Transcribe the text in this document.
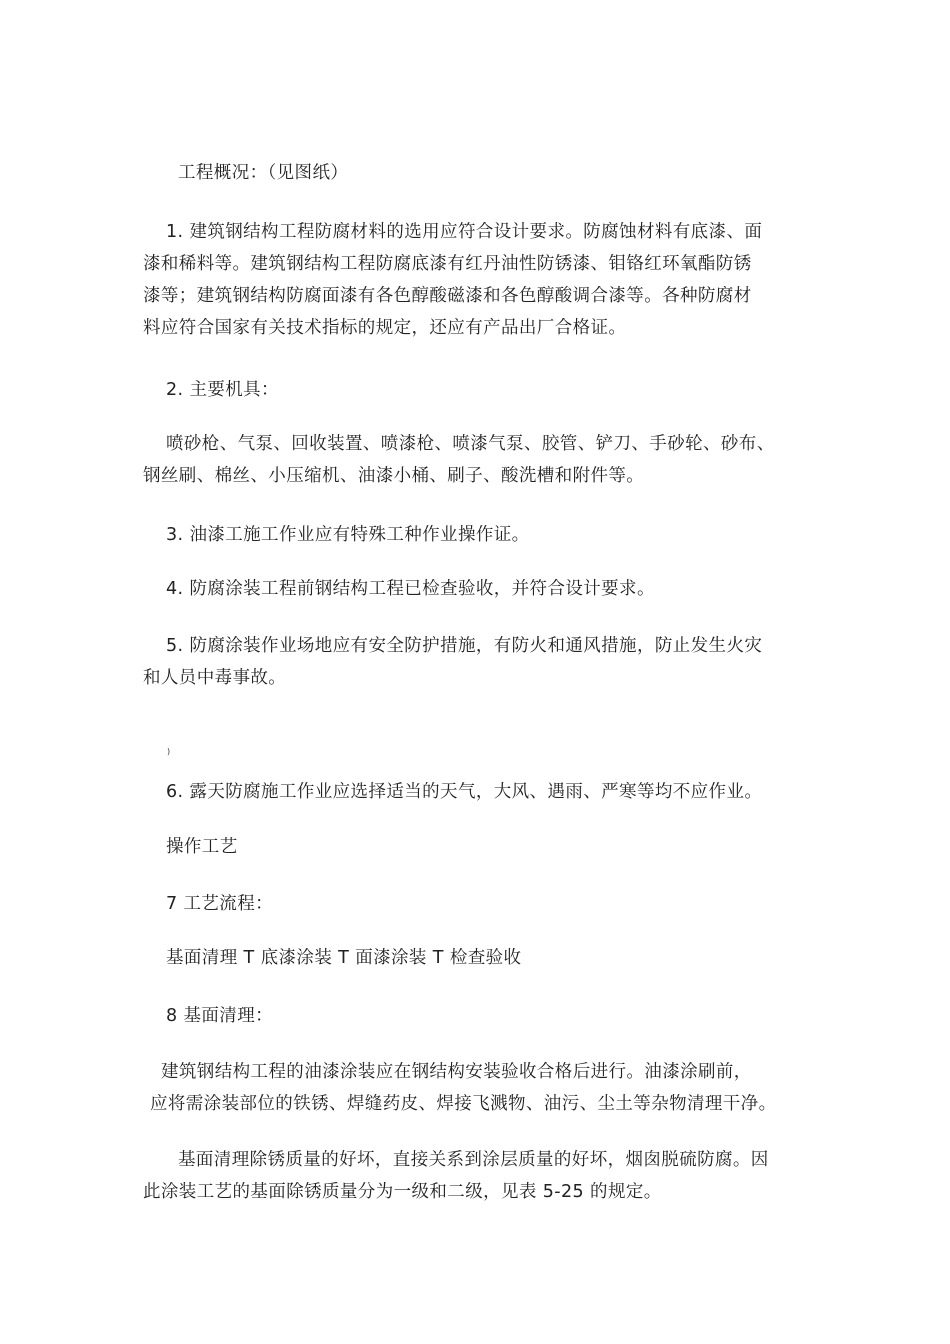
工程概况：（见图纸）
1. 建筑钢结构工程防腐材料的选用应符合设计要求。防腐蚀材料有底漆、面
漆和稀料等。建筑钢结构工程防腐底漆有红丹油性防锈漆、钼铬红环氧酯防锈
漆等；建筑钢结构防腐面漆有各色醇酸磁漆和各色醇酸调合漆等。各种防腐材
料应符合国家有关技术指标的规定，还应有产品出厂合格证。
2. 主要机具：
喷砂枪、气泵、回收装置、喷漆枪、喷漆气泵、胶管、铲刀、手砂轮、砂布、
钢丝刷、棉丝、小压缩机、油漆小桶、刷子、酸洗槽和附件等。
3. 油漆工施工作业应有特殊工种作业操作证。
4. 防腐涂装工程前钢结构工程已检查验收，并符合设计要求。
5. 防腐涂装作业场地应有安全防护措施，有防火和通风措施，防止发生火灾
和人员中毒事故。
)
6. 露天防腐施工作业应选择适当的天气，大风、遇雨、严寒等均不应作业。
操作工艺
7 工艺流程：
基面清理 T 底漆涂装 T 面漆涂装 T 检查验收
8 基面清理：
建筑钢结构工程的油漆涂装应在钢结构安装验收合格后进行。油漆涂刷前，
应将需涂装部位的铁锈、焊缝药皮、焊接飞溅物、油污、尘土等杂物清理干净。
基面清理除锈质量的好坏，直接关系到涂层质量的好坏，烟囱脱硫防腐。因
此涂装工艺的基面除锈质量分为一级和二级，见表 5-25 的规定。
